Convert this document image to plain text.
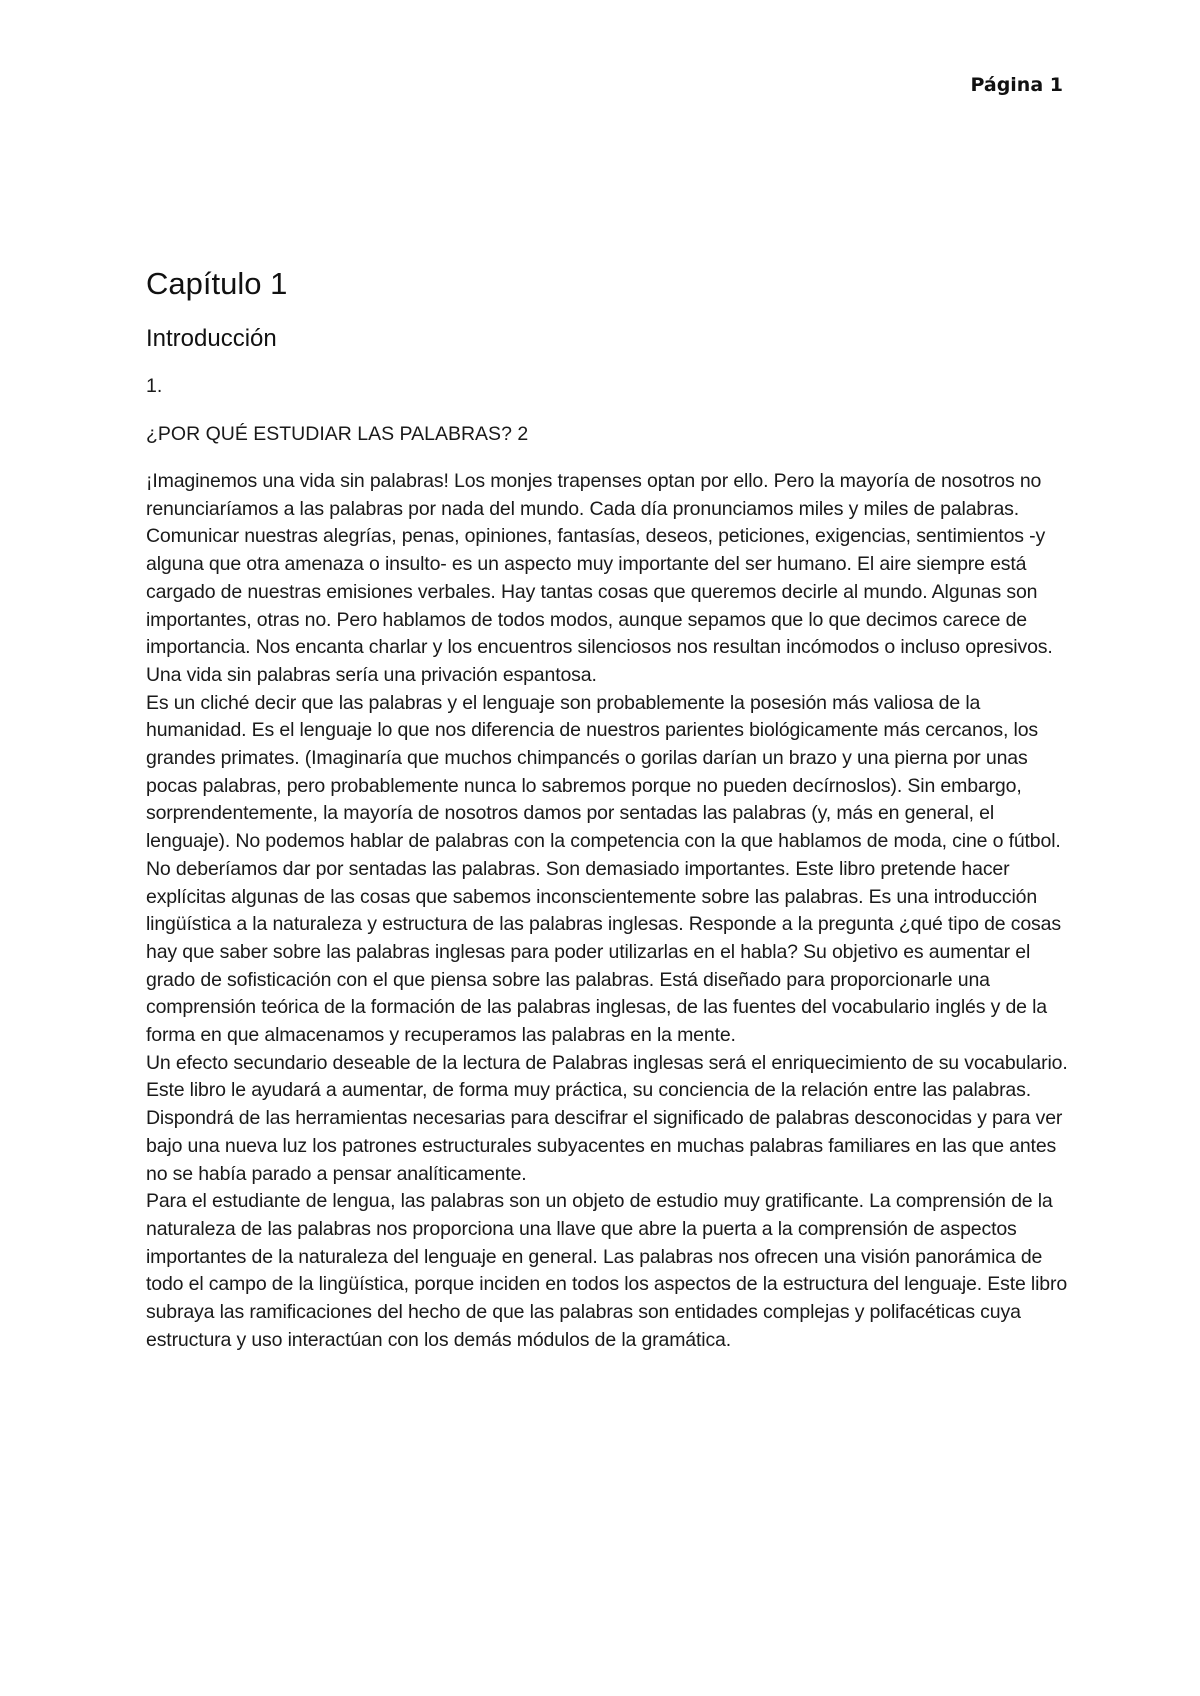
Página 1
Capítulo 1
Introducción
1.
¿POR QUÉ ESTUDIAR LAS PALABRAS? 2

¡Imaginemos una vida sin palabras! Los monjes trapenses optan por ello. Pero la mayoría de nosotros no renunciaríamos a las palabras por nada del mundo. Cada día pronunciamos miles y miles de palabras. Comunicar nuestras alegrías, penas, opiniones, fantasías, deseos, peticiones, exigencias, sentimientos -y alguna que otra amenaza o insulto- es un aspecto muy importante del ser humano. El aire siempre está cargado de nuestras emisiones verbales. Hay tantas cosas que queremos decirle al mundo. Algunas son importantes, otras no. Pero hablamos de todos modos, aunque sepamos que lo que decimos carece de importancia. Nos encanta charlar y los encuentros silenciosos nos resultan incómodos o incluso opresivos. Una vida sin palabras sería una privación espantosa.

Es un cliché decir que las palabras y el lenguaje son probablemente la posesión más valiosa de la humanidad. Es el lenguaje lo que nos diferencia de nuestros parientes biológicamente más cercanos, los grandes primates. (Imaginaría que muchos chimpancés o gorilas darían un brazo y una pierna por unas pocas palabras, pero probablemente nunca lo sabremos porque no pueden decírnoslos). Sin embargo, sorprendentemente, la mayoría de nosotros damos por sentadas las palabras (y, más en general, el lenguaje). No podemos hablar de palabras con la competencia con la que hablamos de moda, cine o fútbol.

No deberíamos dar por sentadas las palabras. Son demasiado importantes. Este libro pretende hacer explícitas algunas de las cosas que sabemos inconscientemente sobre las palabras. Es una introducción lingüística a la naturaleza y estructura de las palabras inglesas. Responde a la pregunta ¿qué tipo de cosas hay que saber sobre las palabras inglesas para poder utilizarlas en el habla? Su objetivo es aumentar el grado de sofisticación con el que piensa sobre las palabras. Está diseñado para proporcionarle una comprensión teórica de la formación de las palabras inglesas, de las fuentes del vocabulario inglés y de la forma en que almacenamos y recuperamos las palabras en la mente.

Un efecto secundario deseable de la lectura de Palabras inglesas será el enriquecimiento de su vocabulario. Este libro le ayudará a aumentar, de forma muy práctica, su conciencia de la relación entre las palabras.

Dispondrá de las herramientas necesarias para descifrar el significado de palabras desconocidas y para ver bajo una nueva luz los patrones estructurales subyacentes en muchas palabras familiares en las que antes no se había parado a pensar analíticamente.

Para el estudiante de lengua, las palabras son un objeto de estudio muy gratificante. La comprensión de la naturaleza de las palabras nos proporciona una llave que abre la puerta a la comprensión de aspectos importantes de la naturaleza del lenguaje en general. Las palabras nos ofrecen una visión panorámica de todo el campo de la lingüística, porque inciden en todos los aspectos de la estructura del lenguaje. Este libro subraya las ramificaciones del hecho de que las palabras son entidades complejas y polifacéticas cuya estructura y uso interactúan con los demás módulos de la gramática.
